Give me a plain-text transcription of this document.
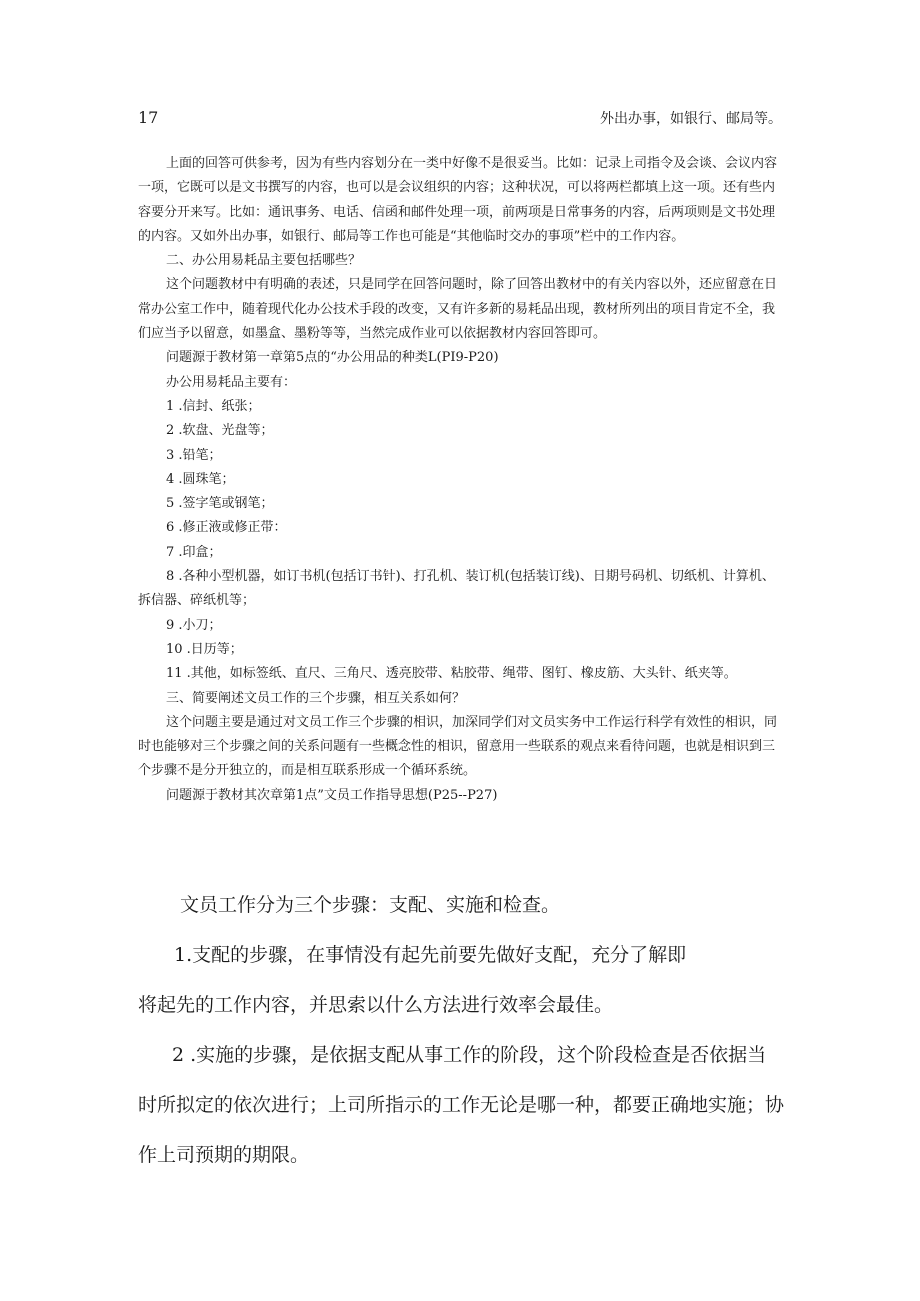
17	外出办事，如银行、邮局等。

上面的回答可供参考，因为有些内容划分在一类中好像不是很妥当。比如：记录上司指令及会谈、会议内容一项，它既可以是文书撰写的内容，也可以是会议组织的内容；这种状况，可以将两栏都填上这一项。还有些内容要分开来写。比如：通讯事务、电话、信函和邮件处理一项，前两项是日常事务的内容，后两项则是文书处理的内容。又如外出办事，如银行、邮局等工作也可能是“其他临时交办的事项”栏中的工作内容。

二、办公用易耗品主要包括哪些？

这个问题教材中有明确的表述，只是同学在回答问题时，除了回答出教材中的有关内容以外，还应留意在日常办公室工作中，随着现代化办公技术手段的改变，又有许多新的易耗品出现，教材所列出的项目肯定不全，我们应当予以留意，如墨盒、墨粉等等，当然完成作业可以依据教材内容回答即可。

问题源于教材第一章第5点的“办公用品的种类L(PI9-P20)

办公用易耗品主要有：

1 .信封、纸张；

2 .软盘、光盘等；

3 .铅笔；

4 .圆珠笔；

5 .签字笔或钢笔；

6 .修正液或修正带：

7 .印盒；

8 .各种小型机器，如订书机(包括订书针)、打孔机、装订机(包括装订线)、日期号码机、切纸机、计算机、拆信器、碎纸机等；

9 .小刀；

10 .日历等；

11 .其他，如标签纸、直尺、三角尺、透亮胶带、粘胶带、绳带、图钉、橡皮筋、大头针、纸夹等。

三、简要阐述文员工作的三个步骤，相互关系如何？

这个问题主要是通过对文员工作三个步骤的相识，加深同学们对文员实务中工作运行科学有效性的相识，同时也能够对三个步骤之间的关系问题有一些概念性的相识，留意用一些联系的观点来看待问题，也就是相识到三个步骤不是分开独立的，而是相互联系形成一个循环系统。

问题源于教材其次章第1点”文员工作指导思想(P25--P27)

文员工作分为三个步骤：支配、实施和检查。

1.支配的步骤，在事情没有起先前要先做好支配，充分了解即

将起先的工作内容，并思索以什么方法进行效率会最佳。

2 .实施的步骤，是依据支配从事工作的阶段，这个阶段检查是否依据当时所拟定的依次进行；上司所指示的工作无论是哪一种，都要正确地实施；协作上司预期的期限。
